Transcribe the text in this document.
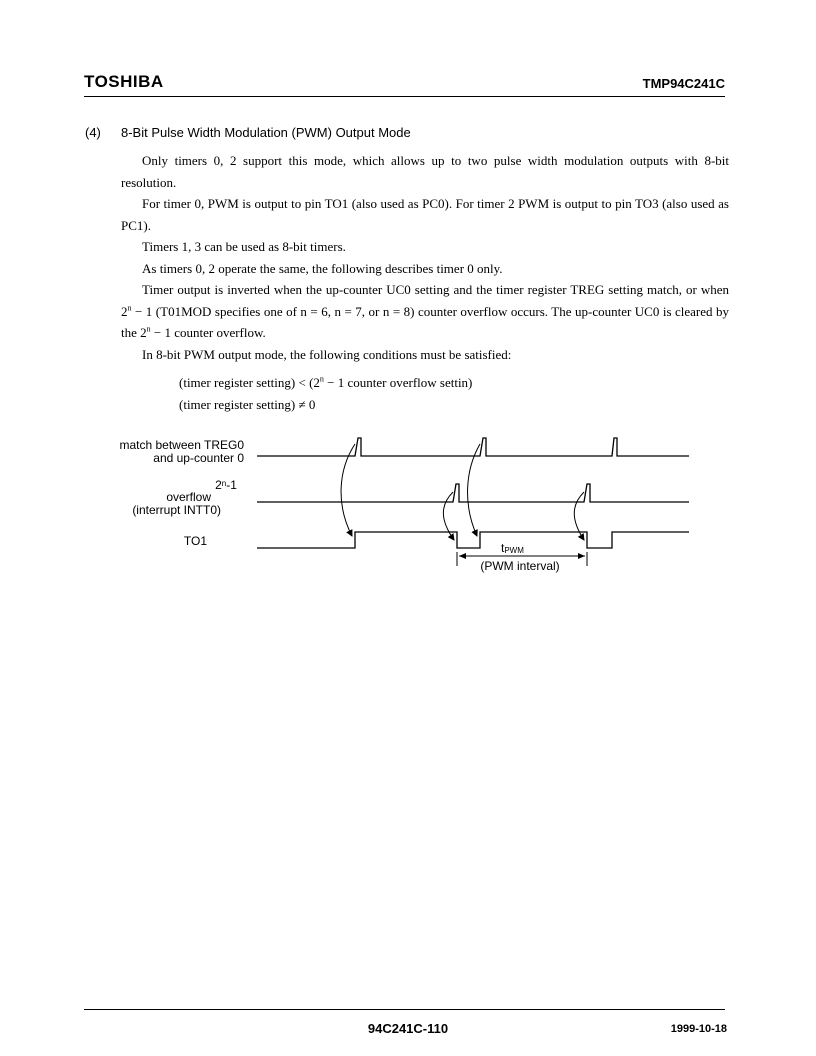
TOSHIBA	TMP94C241C
(4) 8-Bit Pulse Width Modulation (PWM) Output Mode

Only timers 0, 2 support this mode, which allows up to two pulse width modulation outputs with 8-bit resolution.

For timer 0, PWM is output to pin TO1 (also used as PC0). For timer 2 PWM is output to pin TO3 (also used as PC1).

Timers 1, 3 can be used as 8-bit timers.

As timers 0, 2 operate the same, the following describes timer 0 only.

Timer output is inverted when the up-counter UC0 setting and the timer register TREG setting match, or when $2^n - 1$ (T01MOD specifies one of n = 6, n = 7, or n = 8) counter overflow occurs. The up-counter UC0 is cleared by the $2^n - 1$ counter overflow.

In 8-bit PWM output mode, the following conditions must be satisfied:

(timer register setting) < ($2^n - 1$ counter overflow settin)
(timer register setting) ≠ 0
match between TREG0
and up-counter 0
2$^n$-1
overflow
(interrupt INTT0)
TO1	tPWM
(PWM interval)
94C241C-110	1999-10-18
